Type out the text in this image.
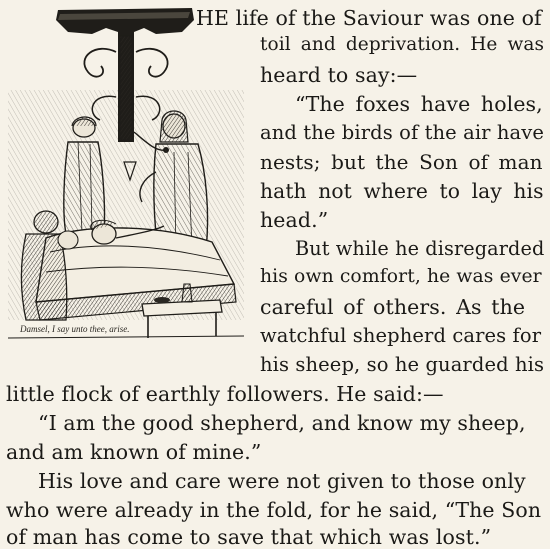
Damsel, I say unto thee, arise.
HE life of the Saviour was one of
toil and deprivation. He was
heard to say:—
“The foxes have holes,
and the birds of the air have
nests; but the Son of man
hath not where to lay his
head.”
But while he disregarded
his own comfort, he was ever
careful of others. As the
watchful shepherd cares for
his sheep, so he guarded his
little flock of earthly followers. He said:—
“I am the good shepherd, and know my sheep,
and am known of mine.”
His love and care were not given to those only
who were already in the fold, for he said, “The Son
of man has come to save that which was lost.”
